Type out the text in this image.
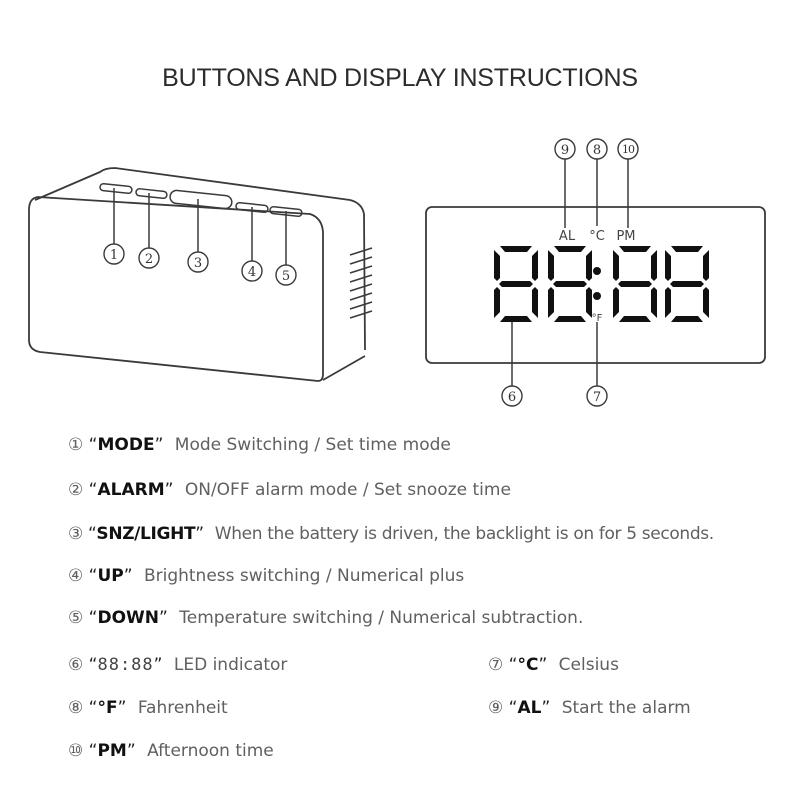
BUTTONS AND DISPLAY INSTRUCTIONS
1 2	3
4 5
9 8 10
6	7
AL °C PM
°F
① “MODE” Mode Switching / Set time mode
② “ALARM” ON/OFF alarm mode / Set snooze time
③ “SNZ/LIGHT” When the battery is driven, the backlight is on for 5 seconds.
④ “UP” Brightness switching / Numerical plus
⑤ “DOWN” Temperature switching / Numerical subtraction.
⑥ “88:88” LED indicator	⑦ “°C” Celsius
⑧ “°F” Fahrenheit	⑨ “AL” Start the alarm
⑩ “PM” Afternoon time
